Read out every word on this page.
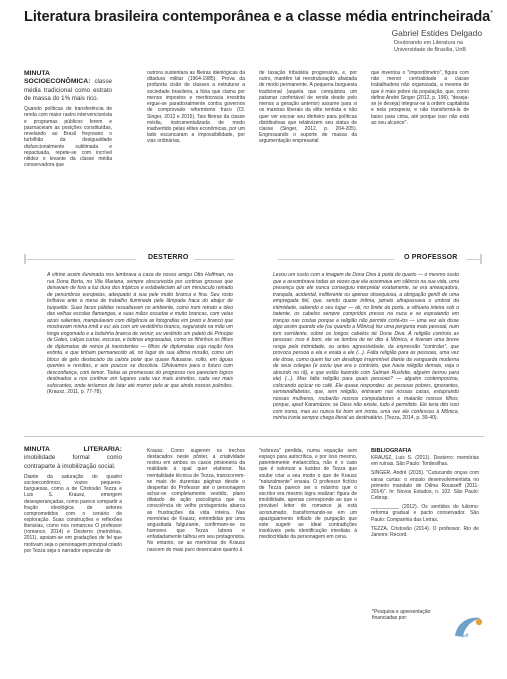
Literatura brasileira contemporânea e a classe média entrincheirada*
Gabriel Estides Delgado
Doutorando em Literatura na Universidade de Brasília, UnB

MINUTA SOCIOECONÔMICA: classe média tradicional como estrato de massa do 1% mais rico.

Quando políticas de transferência de renda com maior rastro intervencionista e programas públicos ferem e pasmaceiam as posições constituídas, revelando ao Brasil freyreano o turbilhão da desigualdade disfuncionalmente sublimada e repactuada, repete-se com incrível nitidez o levante da classe média conservadora que

outrora sustentara as fileiras ideológicas da ditadura militar (1964-1985). Prova da profunda cisão de classes a estruturar a sociedade brasileira, a fúria que clama por menos impostos e meritocracia irrestrita ergue-se paradoxalmente contra governos de comprovado reformismo fraco (Cf. Singer, 2012 e 2015). Tais fileiras da classe média, instrumentalizada de modo inadvertido pelas elites econômicas, por um lado escancaram a impossibilidade, por vias ordinárias,

de taxação tributária progressiva, e, por outro, mantêm tal reestruturação afastada de modo permanente. A pequena burguesia tradicional (aquela que conquistou um patamar confortável de renda desde pelo menos a geração anterior) assume para si os mantras liberais da elite rentista e não quer ver escoar seu dinheiro para políticas distributivas que relativizem seu status de classe (Singer, 2012, p. 204-205). Engrossando o suporte de massa da argumentação empresarial

que inventou o "impostômetro", figura com não menor centralidade a classe trabalhadora não organizada, a mesma de que é mais pobre da população, que, como define André Singer (2012, p. 196), "deseja-se (e deseja) integrar-se à ordem capitalista e nela prosperar, e não transformá-la de baixo para cima, até porque isso não está ao seu alcance".

DESTERRO	O PROFESSOR
A vitrine assim iluminada nos lembrava a casa de nosso amigo Otto Hoffman, na rua Dona Berta, no Vila Mariana, sempre obscurecida por cortinas grossas que deixavam de fora a luz dura dos trópicos e estabeleciam ali um minúsculo reinado de penumbras europeias, adequado à sua pele muito branca e fina. Seu rosto brilhava ante a mesa de trabalho iluminada pela lâmpada fraca do abajur de buquelite. Suas faces pálidas ressaltavam no ambiente, como num retrato a óleo das velhas escolas flamengas, e suas mãos ossudas e muito brancas, com veias azuis salientes, manipulavam com diligência as fotografias em preto e branco que mostravam minha irmã e eu: ela com um vestidinho branco, segurando na mão um longo engomado e a bolsinha branca de verniz; eu vestindo um paletó de Príncipe de Gales, calças curtas, escuras, e botinas engraxadas, como os filhinhos os filhos de diplomatas de reinos já inexistentes — filhos de diplomatas cuja nação fora extinta, e que tinham permanecido ali, no lugar de sua última missão, como um bloco de gelo destacado da calota polar que quase flutuasse, solto, em águas quentes e revoltas, e aos poucos se dissolvia. Olhávamos para o futuro com desconfiança, com temor. Todas as promessas do progresso nos pareciam logros destinados a nos confinar em lugares cada vez mais estreitos, cada vez mais sufocantes, onde teríamos de lutar até morrer pelo ar que ainda nossos pulmões. (Krausz, 2011, p. 77-78).
Levou um susto com a imagem de Dona Diva à porta do quarto — o mesmo susto que a assombrava todas as vezes que ela assomava em silêncio na sua vida, uma presença que ele nunca conseguiu interpretar exatamente, se era ameaçadora, tranquila, acidental, indiferente ou apenas obsequiosa, a obrigação gentil de uma empregada fiel, que, sendo quase íntima, jamais ultrapassava o umbral da intimidade, sabendo o seu lugar — ali, no limite da porta, a silhueta inteira sob o batente, os cabelos sempre compridos presos na nuca e se espraiando em tranças nas costas porque a religião não permite cortá-los — uma vez ela disse algo assim quando ele (ou quando a Mônica) fez uma pergunta mais pessoal, num tom sorridente, sobre os longos cabelos de Dona Diva. A religião controla as pessoas: isso é bom, ele se lembra de ter dito à Mônica, e tiveram uma breve rusga pela intimidade, ou antes agressividade, da expressão "controlar", que provoca pessoa a ela e exata a ele (...). Falta religião para as pessoas, uma vez ele disse, como quem faz um desafogo irreprimível diante da vanguarda moderna de seus colegas (e ouviu que era o contrário, que havia religião demais, veja o absurdo no rã), e que estão fazendo com Salman Rushdie, alguém berrou para ele) (...). Mas falta religião para quais pessoas? — alguém contemporizou, colocando açúcar no café. Ele quase respondeu: as pessoas pobres, ignorantes, semianalfabetas, que, sem religião, entraram nas nossas casas, estuprando nossas mulheres, roubarão nossos computadores e matarão nossos filhos, porque, apud Karamázov, se Deus não existe, tudo é permitido. Ele teria dito isso com ironia, mas eu nunca fui bom em ironia, uma vez ele confessou à Mônica, minha ironia sempre chega literal ao destinatário. (Tezza, 2014, p. 39-40).

MINUTA LITERÁRIA: imobilidade formal como contraparte à imobilização social.

Diante da saturação do quadro socioeconômico, vozes pequeno-burguesas, como a de Cristovão Tezza e Luis S. Krausz, emergem desesperançadas, como parece compartir a fração ideológica de setores comprometidos com o cenário de exploração. Suas construções e reflexões literárias, como nos romances O professor (romance, 2014) e Desterro (memórias, 2011), apoiam-se em gradações de fel que motivam seja o personagem principal criado por Tezza seja o narrador especular de

Krausz. Como sugerem os trechos destacados neste pôster, a criatividade restou em ambos os casos prisioneira da realidade à qual quer elaborar. Na mentalidade técnica de Tezza, transcorrem-se mais de duzentas páginas desde o despertar do Professor até o personagem achar-se completamente vestido, plano dilatado de ação psicológica que na consciência do velho protagonista abarca as frustrações da vida inteira. Nas memórias de Krausz, entendidas por uma angustiada fulgurante, confirmam-se os humores que Tezza labora e enfadadamente talhou em seu protagonista. No entanto, se as memórias de Krausz nascem do mais puro desencaixe quanto à

"nobreza" perdida, numa equação sem espaço para autocrítica, e por isso mesmo, patentemente melancólica, não é o caso que é valorizar a lucidez de Tezza que soube criar a seu modo o que de Krausz "naturalmente" ensaia. O professor fictício de Tezza parece ser o máximo que o escritor era mesmo logra realizar: figura de imobilidade, apenas corresponde ao que o provável leitor do romance já está acostumado, transformando-se em um apaziguamento inflado de purgação que este sugerir ao ideal contradições insolúveis pela identificação imediata à mediocridade da personagem em cena.

BIBLIOGRAFIA

KRAUSZ, Luis S. (2011). Desterro: memórias em ruínas. São Paulo: Tordesilhas.

SINGER, André (2015). "Cutucando onças com varas curtas: o ensaio desenvolvimentista no primeiro mandato de Dilma Rousseff (2011-2014)". In: Novos Estudos, n. 102. São Paulo: Cebrap.

__________ (2012). Os sentidos do lulismo: reforma gradual e pacto conservador. São Paulo: Companhia das Letras.

TEZZA, Cristovão (2014). O professor. Rio de Janeiro: Record.

*Pesquisa e apresentação financiadas por:
fapdf
